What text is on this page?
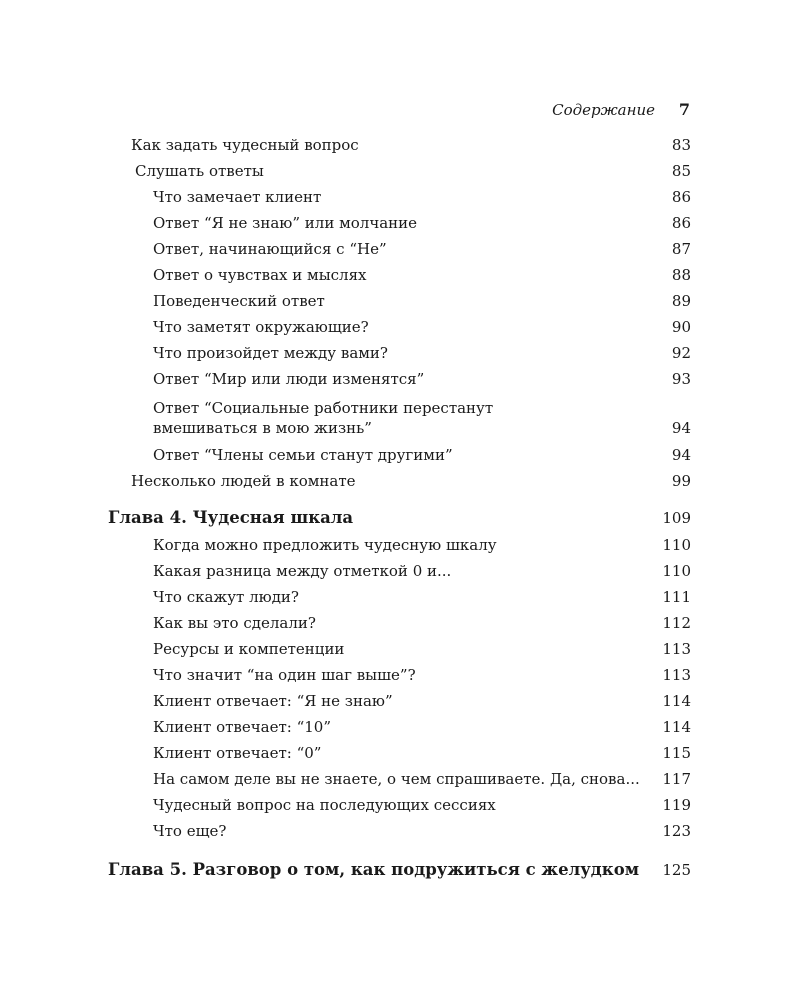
Содержание 7
Как задать чудесный вопрос	83
Слушать ответы	85
Что замечает клиент	86
Ответ “Я не знаю” или молчание	86
Ответ, начинающийся с “Не”	87
Ответ о чувствах и мыслях	88
Поведенческий ответ	89
Что заметят окружающие?	90
Что произойдет между вами?	92
Ответ “Мир или люди изменятся”	93
Ответ “Социальные работники перестанут
вмешиваться в мою жизнь”	94
Ответ “Члены семьи станут другими”	94
Несколько людей в комнате	99
Глава 4. Чудесная шкала	109
Когда можно предложить чудесную шкалу	110
Какая разница между отметкой 0 и...	110
Что скажут люди?	111
Как вы это сделали?	112
Ресурсы и компетенции	113
Что значит “на один шаг выше”?	113
Клиент отвечает: “Я не знаю”	114
Клиент отвечает: “10”	114
Клиент отвечает: “0”	115
На самом деле вы не знаете, о чем спрашиваете. Да, снова... 117
Чудесный вопрос на последующих сессиях	119
Что еще?	123
Глава 5. Разговор о том, как подружиться с желудком 125
